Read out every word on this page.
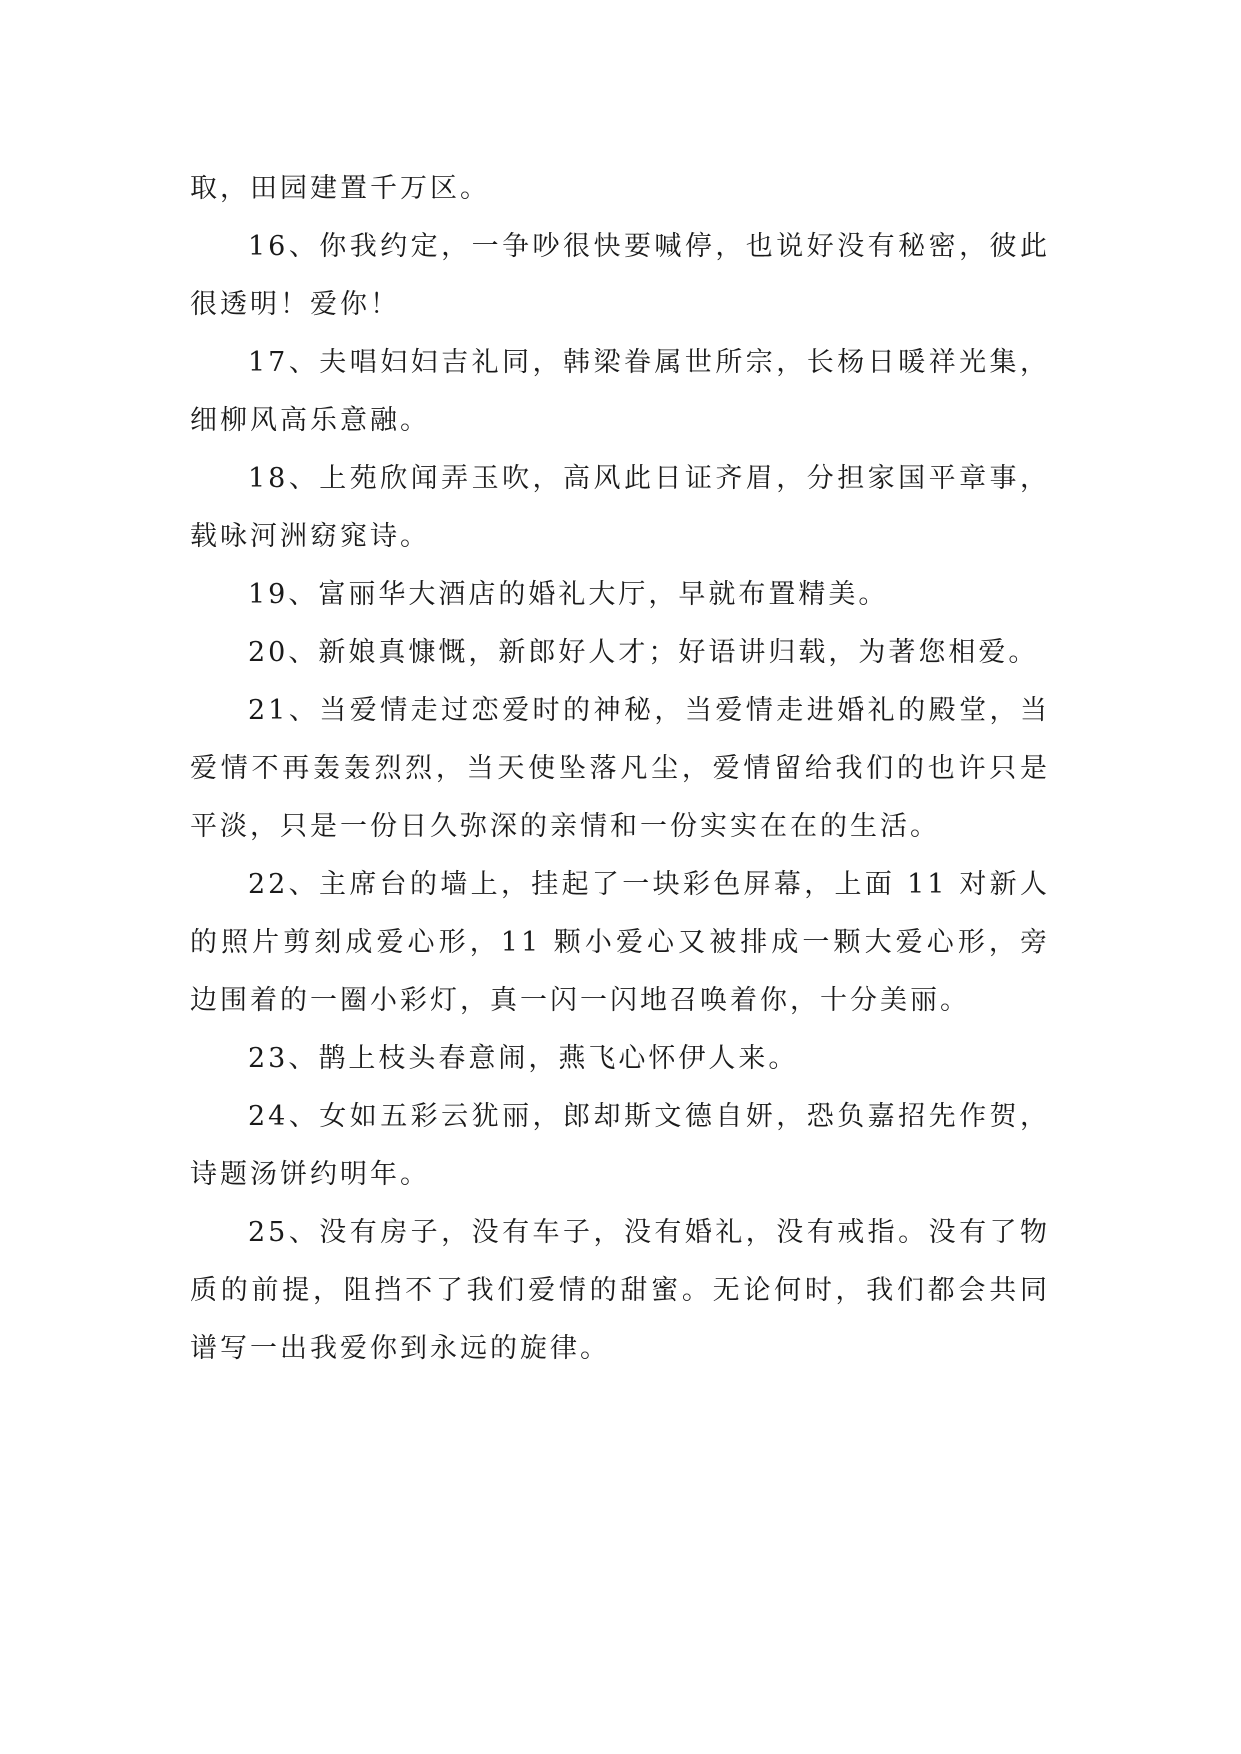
取，田园建置千万区。

16、你我约定，一争吵很快要喊停，也说好没有秘密，彼此很透明！爱你！

17、夫唱妇妇吉礼同，韩梁眷属世所宗，长杨日暖祥光集，细柳风高乐意融。

18、上苑欣闻弄玉吹，高风此日证齐眉，分担家国平章事，载咏河洲窈窕诗。

19、富丽华大酒店的婚礼大厅，早就布置精美。

20、新娘真慷慨，新郎好人才；好语讲归载，为著您相爱。

21、当爱情走过恋爱时的神秘，当爱情走进婚礼的殿堂，当爱情不再轰轰烈烈，当天使坠落凡尘，爱情留给我们的也许只是平淡，只是一份日久弥深的亲情和一份实实在在的生活。

22、主席台的墙上，挂起了一块彩色屏幕，上面 11 对新人的照片剪刻成爱心形，11 颗小爱心又被排成一颗大爱心形，旁边围着的一圈小彩灯，真一闪一闪地召唤着你，十分美丽。

23、鹊上枝头春意闹，燕飞心怀伊人来。

24、女如五彩云犹丽，郎却斯文德自妍，恐负嘉招先作贺，诗题汤饼约明年。

25、没有房子，没有车子，没有婚礼，没有戒指。没有了物质的前提，阻挡不了我们爱情的甜蜜。无论何时，我们都会共同谱写一出我爱你到永远的旋律。
